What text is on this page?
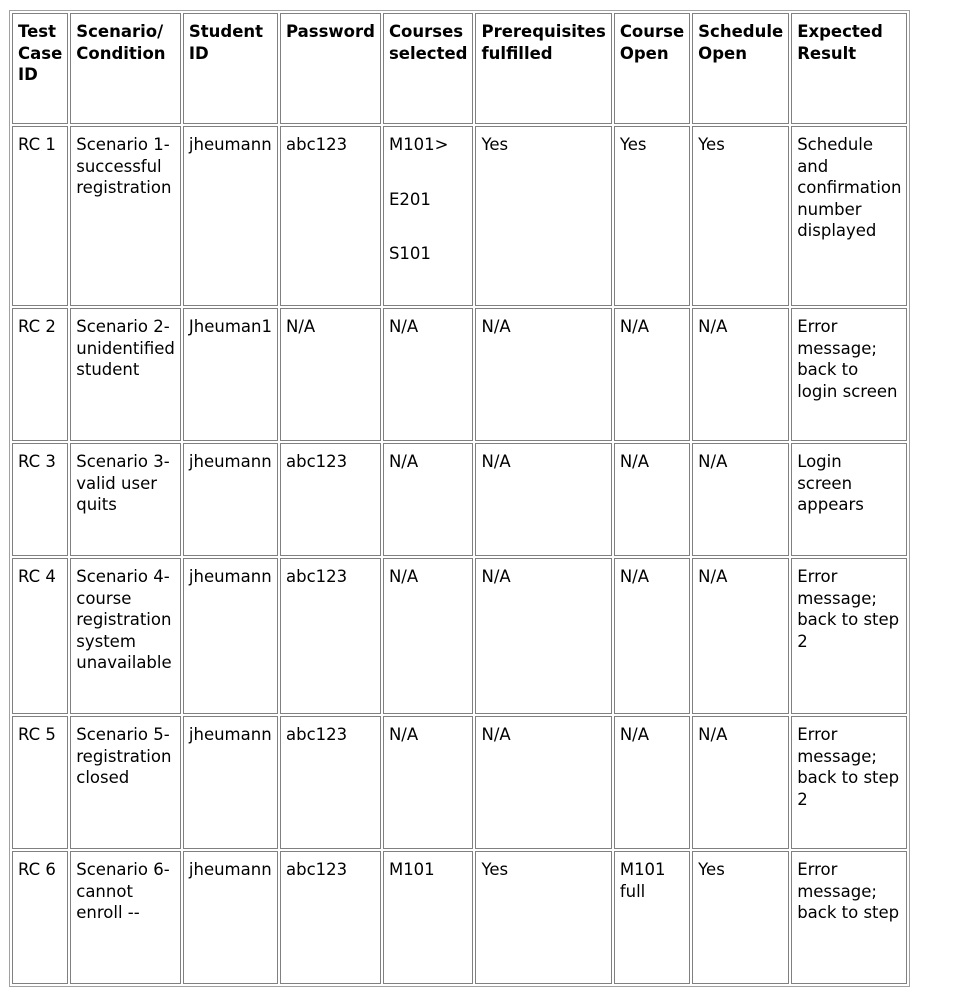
Test Case ID	Scenario/ Condition	Student ID	Password	Courses selected	Prerequisites fulfilled	Course Open	Schedule Open	Expected Result
RC 1	Scenario 1- successful registration	jheumann	abc123	M101>
E201
S101	Yes	Yes	Yes	Schedule and confirmation number displayed
RC 2	Scenario 2- unidentified student	Jheuman1	N/A	N/A	N/A	N/A	N/A	Error message; back to login screen
RC 3	Scenario 3- valid user quits	jheumann	abc123	N/A	N/A	N/A	N/A	Login screen appears
RC 4	Scenario 4- course registration system unavailable	jheumann	abc123	N/A	N/A	N/A	N/A	Error message; back to step 2
RC 5	Scenario 5- registration closed	jheumann	abc123	N/A	N/A	N/A	N/A	Error message; back to step 2
RC 6	Scenario 6- cannot enroll --	jheumann	abc123	M101	Yes	M101 full	Yes	Error message; back to step
